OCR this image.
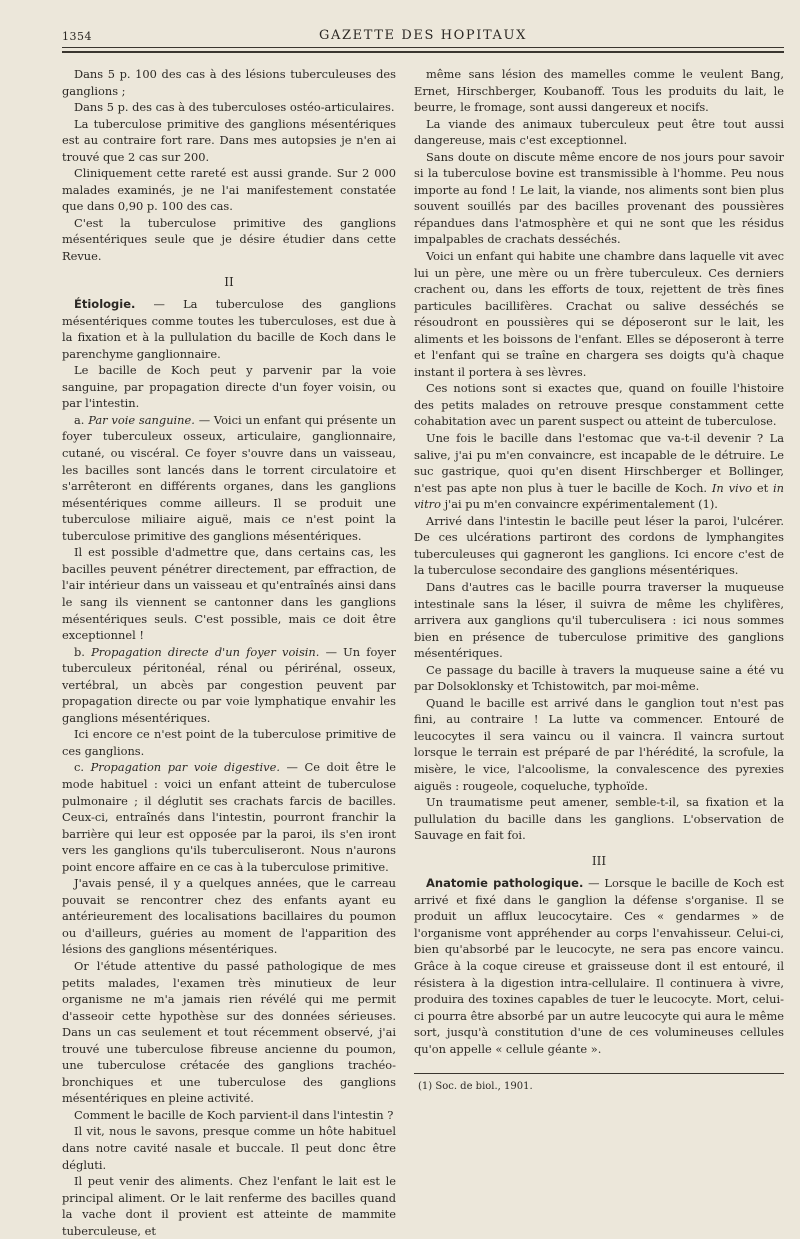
1354	GAZETTE DES HOPITAUX

Dans 5 p. 100 des cas à des lésions tuberculeuses des ganglions ;

Dans 5 p. des cas à des tuberculoses ostéo-articulaires.

La tuberculose primitive des ganglions mésentériques est au contraire fort rare. Dans mes autopsies je n'en ai trouvé que 2 cas sur 200.

Cliniquement cette rareté est aussi grande. Sur 2 000 malades examinés, je ne l'ai manifestement constatée que dans 0,90 p. 100 des cas.

C'est la tuberculose primitive des ganglions mésentériques seule que je désire étudier dans cette Revue.

II

Étiologie. — La tuberculose des ganglions mésentériques comme toutes les tuberculoses, est due à la fixation et à la pullulation du bacille de Koch dans le parenchyme ganglionnaire.

Le bacille de Koch peut y parvenir par la voie sanguine, par propagation directe d'un foyer voisin, ou par l'intestin.

a. Par voie sanguine. — Voici un enfant qui présente un foyer tuberculeux osseux, articulaire, ganglionnaire, cutané, ou viscéral. Ce foyer s'ouvre dans un vaisseau, les bacilles sont lancés dans le torrent circulatoire et s'arrêteront en différents organes, dans les ganglions mésentériques comme ailleurs. Il se produit une tuberculose miliaire aiguë, mais ce n'est point la tuberculose primitive des ganglions mésentériques.

Il est possible d'admettre que, dans certains cas, les bacilles peuvent pénétrer directement, par effraction, de l'air intérieur dans un vaisseau et qu'entraînés ainsi dans le sang ils viennent se cantonner dans les ganglions mésentériques seuls. C'est possible, mais ce doit être exceptionnel !

b. Propagation directe d'un foyer voisin. — Un foyer tuberculeux péritonéal, rénal ou périrénal, osseux, vertébral, un abcès par congestion peuvent par propagation directe ou par voie lymphatique envahir les ganglions mésentériques.

Ici encore ce n'est point de la tuberculose primitive de ces ganglions.

c. Propagation par voie digestive. — Ce doit être le mode habituel : voici un enfant atteint de tuberculose pulmonaire ; il déglutit ses crachats farcis de bacilles. Ceux-ci, entraînés dans l'intestin, pourront franchir la barrière qui leur est opposée par la paroi, ils s'en iront vers les ganglions qu'ils tuberculiseront. Nous n'aurons point encore affaire en ce cas à la tuberculose primitive.

J'avais pensé, il y a quelques années, que le carreau pouvait se rencontrer chez des enfants ayant eu antérieurement des localisations bacillaires du poumon ou d'ailleurs, guéries au moment de l'apparition des lésions des ganglions mésentériques.

Or l'étude attentive du passé pathologique de mes petits malades, l'examen très minutieux de leur organisme ne m'a jamais rien révélé qui me permit d'asseoir cette hypothèse sur des données sérieuses. Dans un cas seulement et tout récemment observé, j'ai trouvé une tuberculose fibreuse ancienne du poumon, une tuberculose crétacée des ganglions trachéo-bronchiques et une tuberculose des ganglions mésentériques en pleine activité.

Comment le bacille de Koch parvient-il dans l'intestin ?

Il vit, nous le savons, presque comme un hôte habituel dans notre cavité nasale et buccale. Il peut donc être dégluti.

Il peut venir des aliments. Chez l'enfant le lait est le principal aliment. Or le lait renferme des bacilles quand la vache dont il provient est atteinte de mammite tuberculeuse, et

même sans lésion des mamelles comme le veulent Bang, Ernet, Hirschberger, Koubanoff. Tous les produits du lait, le beurre, le fromage, sont aussi dangereux et nocifs.

La viande des animaux tuberculeux peut être tout aussi dangereuse, mais c'est exceptionnel.

Sans doute on discute même encore de nos jours pour savoir si la tuberculose bovine est transmissible à l'homme. Peu nous importe au fond ! Le lait, la viande, nos aliments sont bien plus souvent souillés par des bacilles provenant des poussières répandues dans l'atmosphère et qui ne sont que les résidus impalpables de crachats desséchés.

Voici un enfant qui habite une chambre dans laquelle vit avec lui un père, une mère ou un frère tuberculeux. Ces derniers crachent ou, dans les efforts de toux, rejettent de très fines particules bacillifères. Crachat ou salive desséchés se résoudront en poussières qui se déposeront sur le lait, les aliments et les boissons de l'enfant. Elles se déposeront à terre et l'enfant qui se traîne en chargera ses doigts qu'à chaque instant il portera à ses lèvres.

Ces notions sont si exactes que, quand on fouille l'histoire des petits malades on retrouve presque constamment cette cohabitation avec un parent suspect ou atteint de tuberculose.

Une fois le bacille dans l'estomac que va-t-il devenir ? La salive, j'ai pu m'en convaincre, est incapable de le détruire. Le suc gastrique, quoi qu'en disent Hirschberger et Bollinger, n'est pas apte non plus à tuer le bacille de Koch. In vivo et in vitro j'ai pu m'en convaincre expérimentalement (1).

Arrivé dans l'intestin le bacille peut léser la paroi, l'ulcérer. De ces ulcérations partiront des cordons de lymphangites tuberculeuses qui gagneront les ganglions. Ici encore c'est de la tuberculose secondaire des ganglions mésentériques.

Dans d'autres cas le bacille pourra traverser la muqueuse intestinale sans la léser, il suivra de même les chylifères, arrivera aux ganglions qu'il tuberculisera : ici nous sommes bien en présence de tuberculose primitive des ganglions mésentériques.

Ce passage du bacille à travers la muqueuse saine a été vu par Dolsoklonsky et Tchistowitch, par moi-même.

Quand le bacille est arrivé dans le ganglion tout n'est pas fini, au contraire ! La lutte va commencer. Entouré de leucocytes il sera vaincu ou il vaincra. Il vaincra surtout lorsque le terrain est préparé de par l'hérédité, la scrofule, la misère, le vice, l'alcoolisme, la convalescence des pyrexies aiguës : rougeole, coqueluche, typhoïde.

Un traumatisme peut amener, semble-t-il, sa fixation et la pullulation du bacille dans les ganglions. L'observation de Sauvage en fait foi.

III

Anatomie pathologique. — Lorsque le bacille de Koch est arrivé et fixé dans le ganglion la défense s'organise. Il se produit un afflux leucocytaire. Ces « gendarmes » de l'organisme vont appréhender au corps l'envahisseur. Celui-ci, bien qu'absorbé par le leucocyte, ne sera pas encore vaincu. Grâce à la coque cireuse et graisseuse dont il est entouré, il résistera à la digestion intra-cellulaire. Il continuera à vivre, produira des toxines capables de tuer le leucocyte. Mort, celui-ci pourra être absorbé par un autre leucocyte qui aura le même sort, jusqu'à constitution d'une de ces volumineuses cellules qu'on appelle « cellule géante ».

(1) Soc. de biol., 1901.
